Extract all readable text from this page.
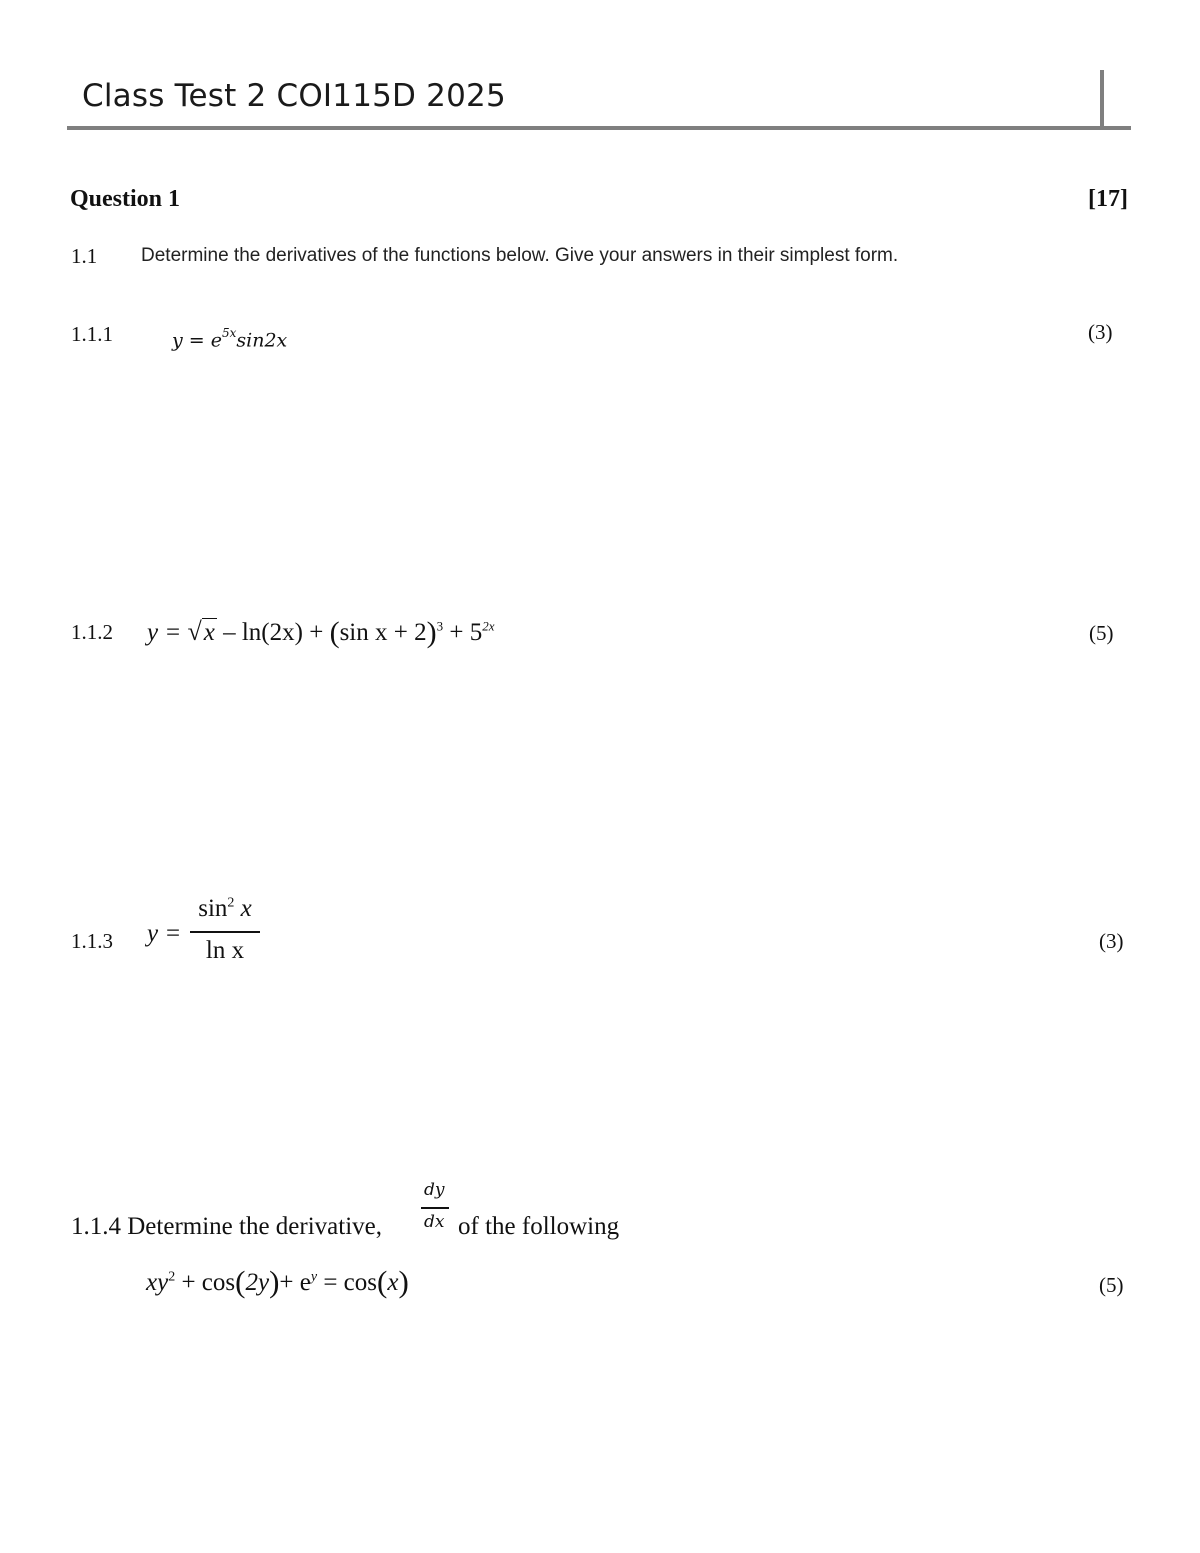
Class Test 2 COI115D 2025
Question 1	[17]
1.1 Determine the derivatives of the functions below. Give your answers in their simplest form.
1.1.1	$y = e^{5x}\sin 2x$	(3)
1.1.2 y = √x – ln(2x) + (sin $x + 2)^3 + 5^{2x}$	(5)
1.1.3 y =
$\sin^2 x$
ln x	(3)
1.1.4 Determine the derivative,
dy
dx of the following
$xy^2 + \cos(2y)+ e^y = \cos(x)$	(5)
